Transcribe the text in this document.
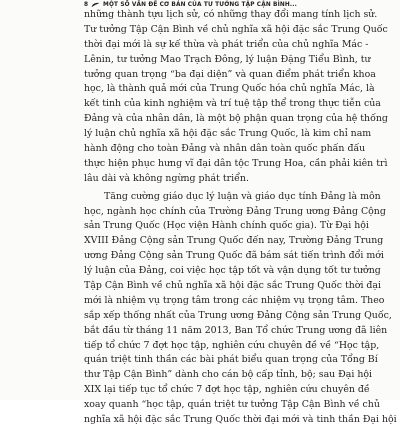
8	MỘT SỐ VẤN ĐỀ CƠ BẢN CỦA TƯ TƯỞNG TẬP CẬN BÌNH...
những thành tựu lịch sử, có những thay đổi mang tính lịch sử.
Tư tưởng Tập Cận Bình về chủ nghĩa xã hội đặc sắc Trung Quốc
thời đại mới là sự kế thừa và phát triển của chủ nghĩa Mác -
Lênin, tư tưởng Mao Trạch Đông, lý luận Đặng Tiểu Bình, tư
tưởng quan trọng “ba đại diện” và quan điểm phát triển khoa
học, là thành quả mới của Trung Quốc hóa chủ nghĩa Mác, là
kết tinh của kinh nghiệm và trí tuệ tập thể trong thực tiễn của
Đảng và của nhân dân, là một bộ phận quan trọng của hệ thống
lý luận chủ nghĩa xã hội đặc sắc Trung Quốc, là kim chỉ nam
hành động cho toàn Đảng và nhân dân toàn quốc phấn đấu
thực hiện phục hưng vĩ đại dân tộc Trung Hoa, cần phải kiên trì
lâu dài và không ngừng phát triển.
Tăng cường giáo dục lý luận và giáo dục tính Đảng là môn
học, ngành học chính của Trường Đảng Trung ương Đảng Cộng
sản Trung Quốc (Học viện Hành chính quốc gia). Từ Đại hội
XVIII Đảng Cộng sản Trung Quốc đến nay, Trường Đảng Trung
ương Đảng Cộng sản Trung Quốc đã bám sát tiến trình đổi mới
lý luận của Đảng, coi việc học tập tốt và vận dụng tốt tư tưởng
Tập Cận Bình về chủ nghĩa xã hội đặc sắc Trung Quốc thời đại
mới là nhiệm vụ trọng tâm trong các nhiệm vụ trọng tâm. Theo
sắp xếp thống nhất của Trung ương Đảng Cộng sản Trung Quốc,
bắt đầu từ tháng 11 năm 2013, Ban Tổ chức Trung ương đã liên
tiếp tổ chức 7 đợt học tập, nghiên cứu chuyên đề về “Học tập,
quán triệt tinh thần các bài phát biểu quan trọng của Tổng Bí
thư Tập Cận Bình” dành cho cán bộ cấp tỉnh, bộ; sau Đại hội
XIX lại tiếp tục tổ chức 7 đợt học tập, nghiên cứu chuyên đề
xoay quanh “học tập, quán triệt tư tưởng Tập Cận Bình về chủ
nghĩa xã hội đặc sắc Trung Quốc thời đại mới và tinh thần Đại hội
